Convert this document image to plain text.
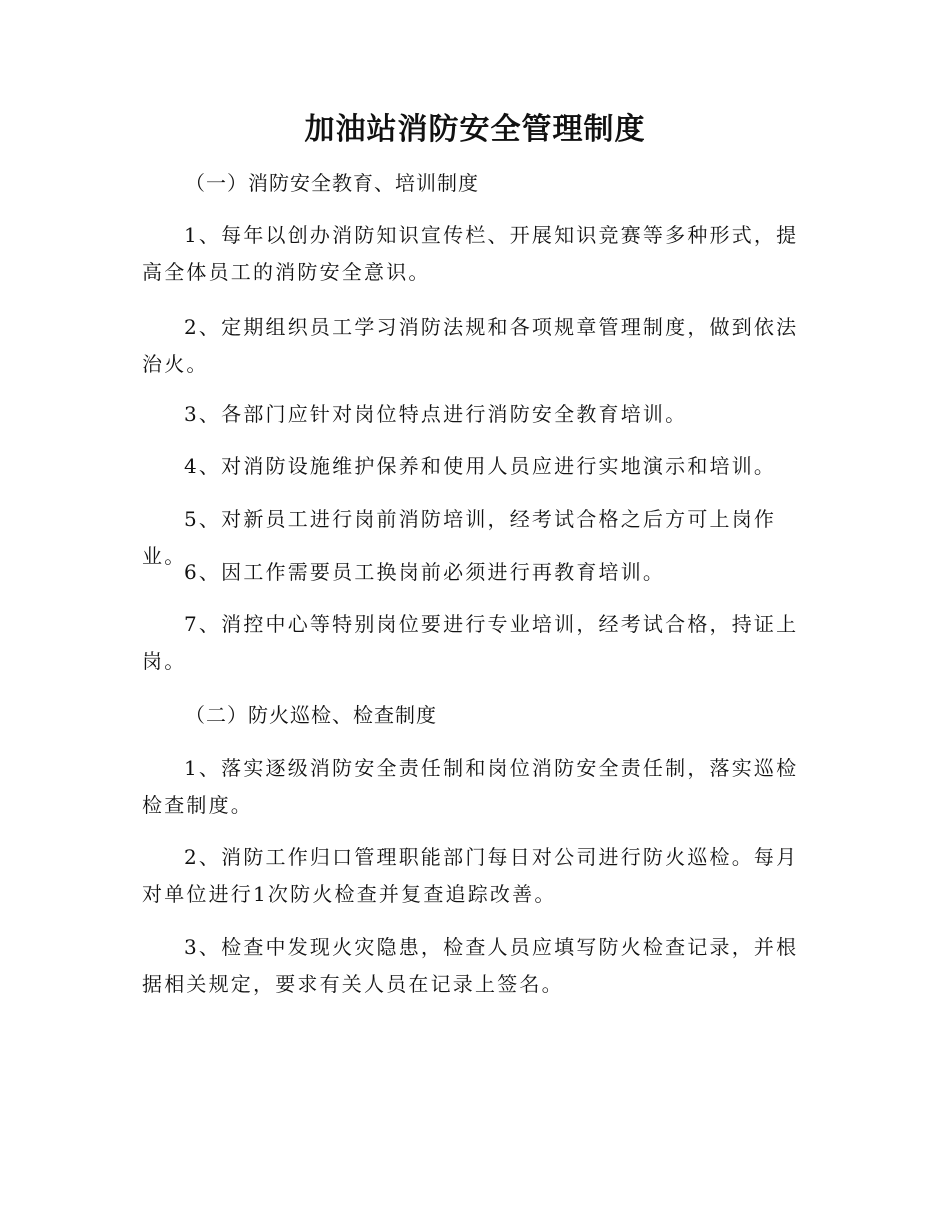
加油站消防安全管理制度
（一）消防安全教育、培训制度
1、每年以创办消防知识宣传栏、开展知识竞赛等多种形式，提高全体员工的消防安全意识。
2、定期组织员工学习消防法规和各项规章管理制度，做到依法治火。
3、各部门应针对岗位特点进行消防安全教育培训。
4、对消防设施维护保养和使用人员应进行实地演示和培训。
5、对新员工进行岗前消防培训，经考试合格之后方可上岗作业。
6、因工作需要员工换岗前必须进行再教育培训。
7、消控中心等特别岗位要进行专业培训，经考试合格，持证上岗。
（二）防火巡检、检查制度
1、落实逐级消防安全责任制和岗位消防安全责任制，落实巡检检查制度。
2、消防工作归口管理职能部门每日对公司进行防火巡检。每月对单位进行1次防火检查并复查追踪改善。
3、检查中发现火灾隐患，检查人员应填写防火检查记录，并根据相关规定，要求有关人员在记录上签名。
